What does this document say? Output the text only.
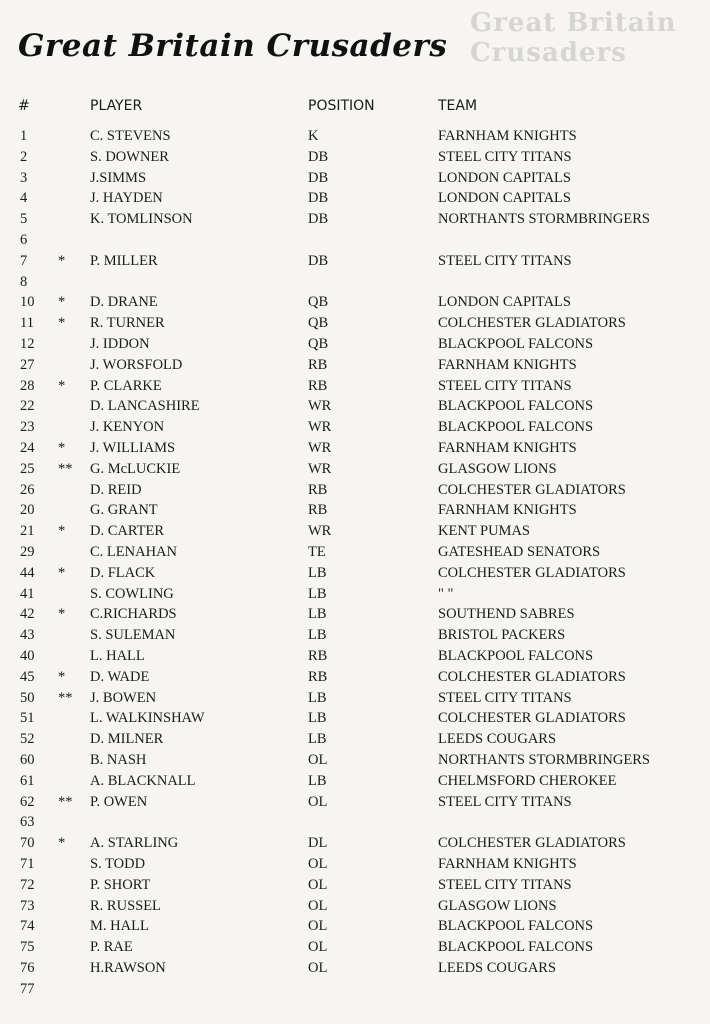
Great Britain Crusaders
Great Britain Crusaders
#	PLAYER	POSITION	TEAM
1	C. STEVENS	K	FARNHAM KNIGHTS
2	S. DOWNER	DB	STEEL CITY TITANS
3	J.SIMMS	DB	LONDON CAPITALS
4	J. HAYDEN	DB	LONDON CAPITALS
5	K. TOMLINSON	DB	NORTHANTS STORMBRINGERS
6
7 * P. MILLER	DB	STEEL CITY TITANS
8
10 * D. DRANE	QB	LONDON CAPITALS
11 * R. TURNER	QB	COLCHESTER GLADIATORS
12	J. IDDON	QB	BLACKPOOL FALCONS
27	J. WORSFOLD	RB	FARNHAM KNIGHTS
28 * P. CLARKE	RB	STEEL CITY TITANS
22	D. LANCASHIRE	WR	BLACKPOOL FALCONS
23	J. KENYON	WR	BLACKPOOL FALCONS
24 * J. WILLIAMS	WR	FARNHAM KNIGHTS
25 ** G. McLUCKIE	WR	GLASGOW LIONS
26	D. REID	RB	COLCHESTER GLADIATORS
20	G. GRANT	RB	FARNHAM KNIGHTS
21 * D. CARTER	WR	KENT PUMAS
29	C. LENAHAN	TE	GATESHEAD SENATORS
44 * D. FLACK	LB	COLCHESTER GLADIATORS
41	S. COWLING	LB	" "
42 * C.RICHARDS	LB	SOUTHEND SABRES
43	S. SULEMAN	LB	BRISTOL PACKERS
40	L. HALL	RB	BLACKPOOL FALCONS
45 * D. WADE	RB	COLCHESTER GLADIATORS
50 ** J. BOWEN	LB	STEEL CITY TITANS
51	L. WALKINSHAW	LB	COLCHESTER GLADIATORS
52	D. MILNER	LB	LEEDS COUGARS
60	B. NASH	OL	NORTHANTS STORMBRINGERS
61	A. BLACKNALL	LB	CHELMSFORD CHEROKEE
62 ** P. OWEN	OL	STEEL CITY TITANS
63
70 * A. STARLING	DL	COLCHESTER GLADIATORS
71	S. TODD	OL	FARNHAM KNIGHTS
72	P. SHORT	OL	STEEL CITY TITANS
73	R. RUSSEL	OL	GLASGOW LIONS
74	M. HALL	OL	BLACKPOOL FALCONS
75	P. RAE	OL	BLACKPOOL FALCONS
76	H.RAWSON	OL	LEEDS COUGARS
77
